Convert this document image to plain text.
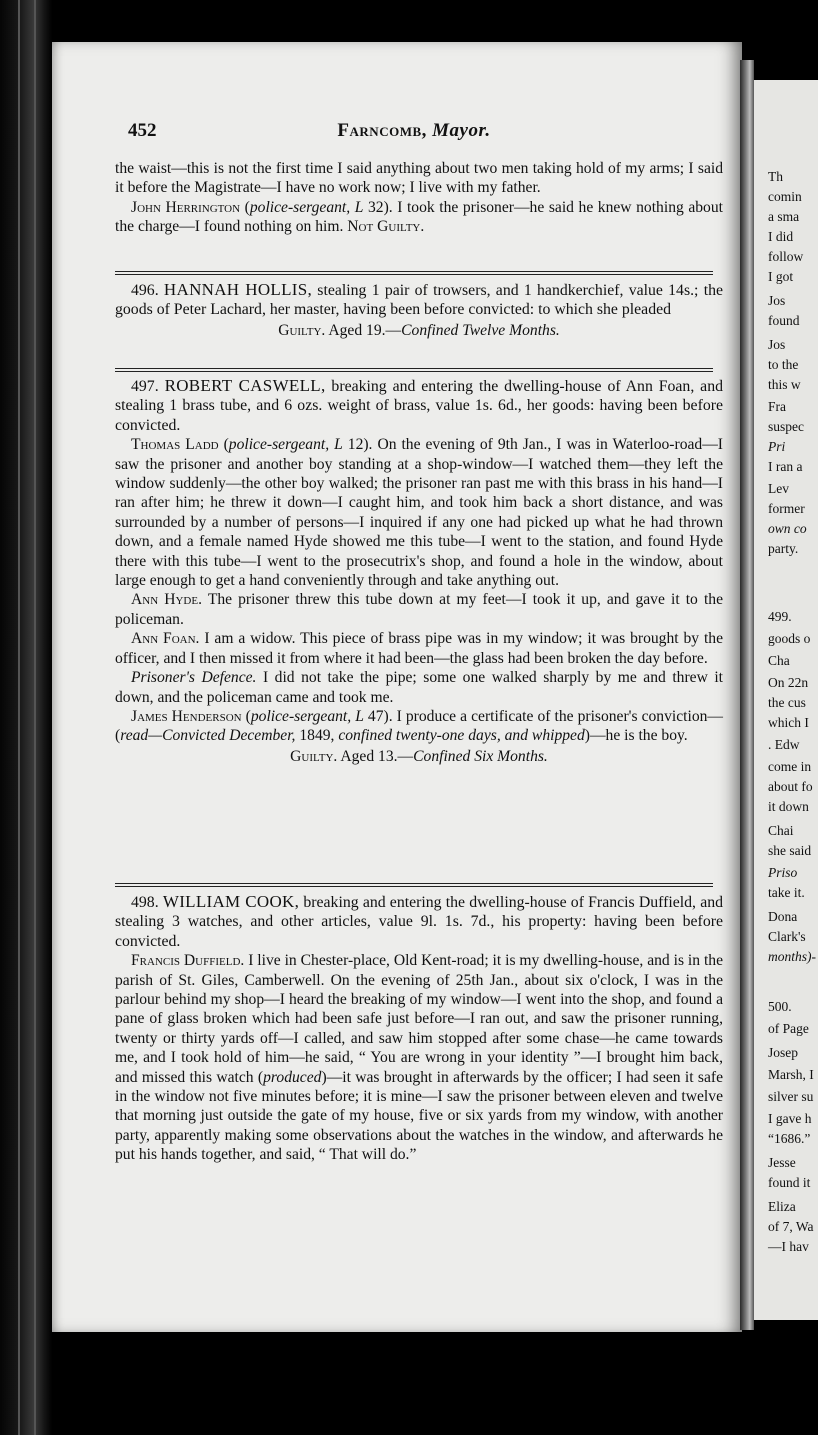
Th
comin
a sma
I did
follow
I got
Jos
found
Jos
to the
this w
Fra
suspec
Pri
I ran a
Lev
former
own co
party.
499.
goods o
Cha
On 22n
the cus
which I
. Edw
come in
about fo
it down
Chai
she said
Priso
take it.
Dona
Clark's
months)-
500.
of Page
Josep
Marsh, I
silver su
I gave h
“1686.”
Jesse
found it
Eliza
of 7, Wa
—I hav
452	Farncomb, Mayor.

the waist—this is not the first time I said anything about two men taking hold of my arms; I said it before the Magistrate—I have no work now; I live with my father.

John Herrington (police-sergeant, L 32). I took the prisoner—he said he knew nothing about the charge—I found nothing on him. Not Guilty.

496. HANNAH HOLLIS, stealing 1 pair of trowsers, and 1 handkerchief, value 14s.; the goods of Peter Lachard, her master, having been before convicted: to which she pleaded

Guilty. Aged 19.—Confined Twelve Months.

497. ROBERT CASWELL, breaking and entering the dwelling-house of Ann Foan, and stealing 1 brass tube, and 6 ozs. weight of brass, value 1s. 6d., her goods: having been before convicted.

Thomas Ladd (police-sergeant, L 12). On the evening of 9th Jan., I was in Waterloo-road—I saw the prisoner and another boy standing at a shop-window—I watched them—they left the window suddenly—the other boy walked; the prisoner ran past me with this brass in his hand—I ran after him; he threw it down—I caught him, and took him back a short distance, and was surrounded by a number of persons—I inquired if any one had picked up what he had thrown down, and a female named Hyde showed me this tube—I went to the station, and found Hyde there with this tube—I went to the prosecutrix's shop, and found a hole in the window, about large enough to get a hand conveniently through and take anything out.

Ann Hyde. The prisoner threw this tube down at my feet—I took it up, and gave it to the policeman.

Ann Foan. I am a widow. This piece of brass pipe was in my window; it was brought by the officer, and I then missed it from where it had been—the glass had been broken the day before.

Prisoner's Defence. I did not take the pipe; some one walked sharply by me and threw it down, and the policeman came and took me.

James Henderson (police-sergeant, L 47). I produce a certificate of the prisoner's conviction—(read—Convicted December, 1849, confined twenty-one days, and whipped)—he is the boy.

Guilty. Aged 13.—Confined Six Months.

498. WILLIAM COOK, breaking and entering the dwelling-house of Francis Duffield, and stealing 3 watches, and other articles, value 9l. 1s. 7d., his property: having been before convicted.

Francis Duffield. I live in Chester-place, Old Kent-road; it is my dwelling-house, and is in the parish of St. Giles, Camberwell. On the evening of 25th Jan., about six o'clock, I was in the parlour behind my shop—I heard the breaking of my window—I went into the shop, and found a pane of glass broken which had been safe just before—I ran out, and saw the prisoner running, twenty or thirty yards off—I called, and saw him stopped after some chase—he came towards me, and I took hold of him—he said, “ You are wrong in your identity ”—I brought him back, and missed this watch (produced)—it was brought in afterwards by the officer; I had seen it safe in the window not five minutes before; it is mine—I saw the prisoner between eleven and twelve that morning just outside the gate of my house, five or six yards from my window, with another party, apparently making some observations about the watches in the window, and afterwards he put his hands together, and said, “ That will do.”
